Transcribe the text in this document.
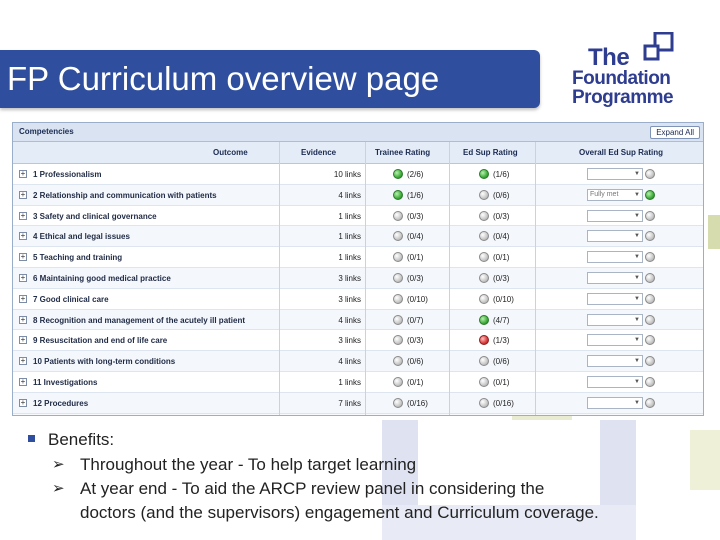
FP Curriculum overview page
The
Foundation
Programme
Competencies	Expand All
Outcome	Evidence	Trainee Rating	Ed Sup Rating	Overall Ed Sup Rating
+ 1 Professionalism	10 links	(2/6)	(1/6)	▼
+ 2 Relationship and communication with patients	4 links	(1/6)	(0/6)	Fully met	▼
+ 3 Safety and clinical governance	1 links	(0/3)	(0/3)	▼
+ 4 Ethical and legal issues	1 links	(0/4)	(0/4)	▼
+ 5 Teaching and training	1 links	(0/1)	(0/1)	▼
+ 6 Maintaining good medical practice	3 links	(0/3)	(0/3)	▼
+ 7 Good clinical care	3 links	(0/10)	(0/10)	▼
+ 8 Recognition and management of the acutely ill patient	4 links	(0/7)	(4/7)	▼
+ 9 Resuscitation and end of life care	3 links	(0/3)	(1/3)	▼
+ 10 Patients with long-term conditions	4 links	(0/6)	(0/6)	▼
+ 11 Investigations	1 links	(0/1)	(0/1)	▼
+ 12 Procedures	7 links	(0/16)	(0/16)	▼
Benefits:
➢ Throughout the year - To help target learning
➢ At year end - To aid the ARCP review panel in considering the
doctors (and the supervisors) engagement and Curriculum coverage.
